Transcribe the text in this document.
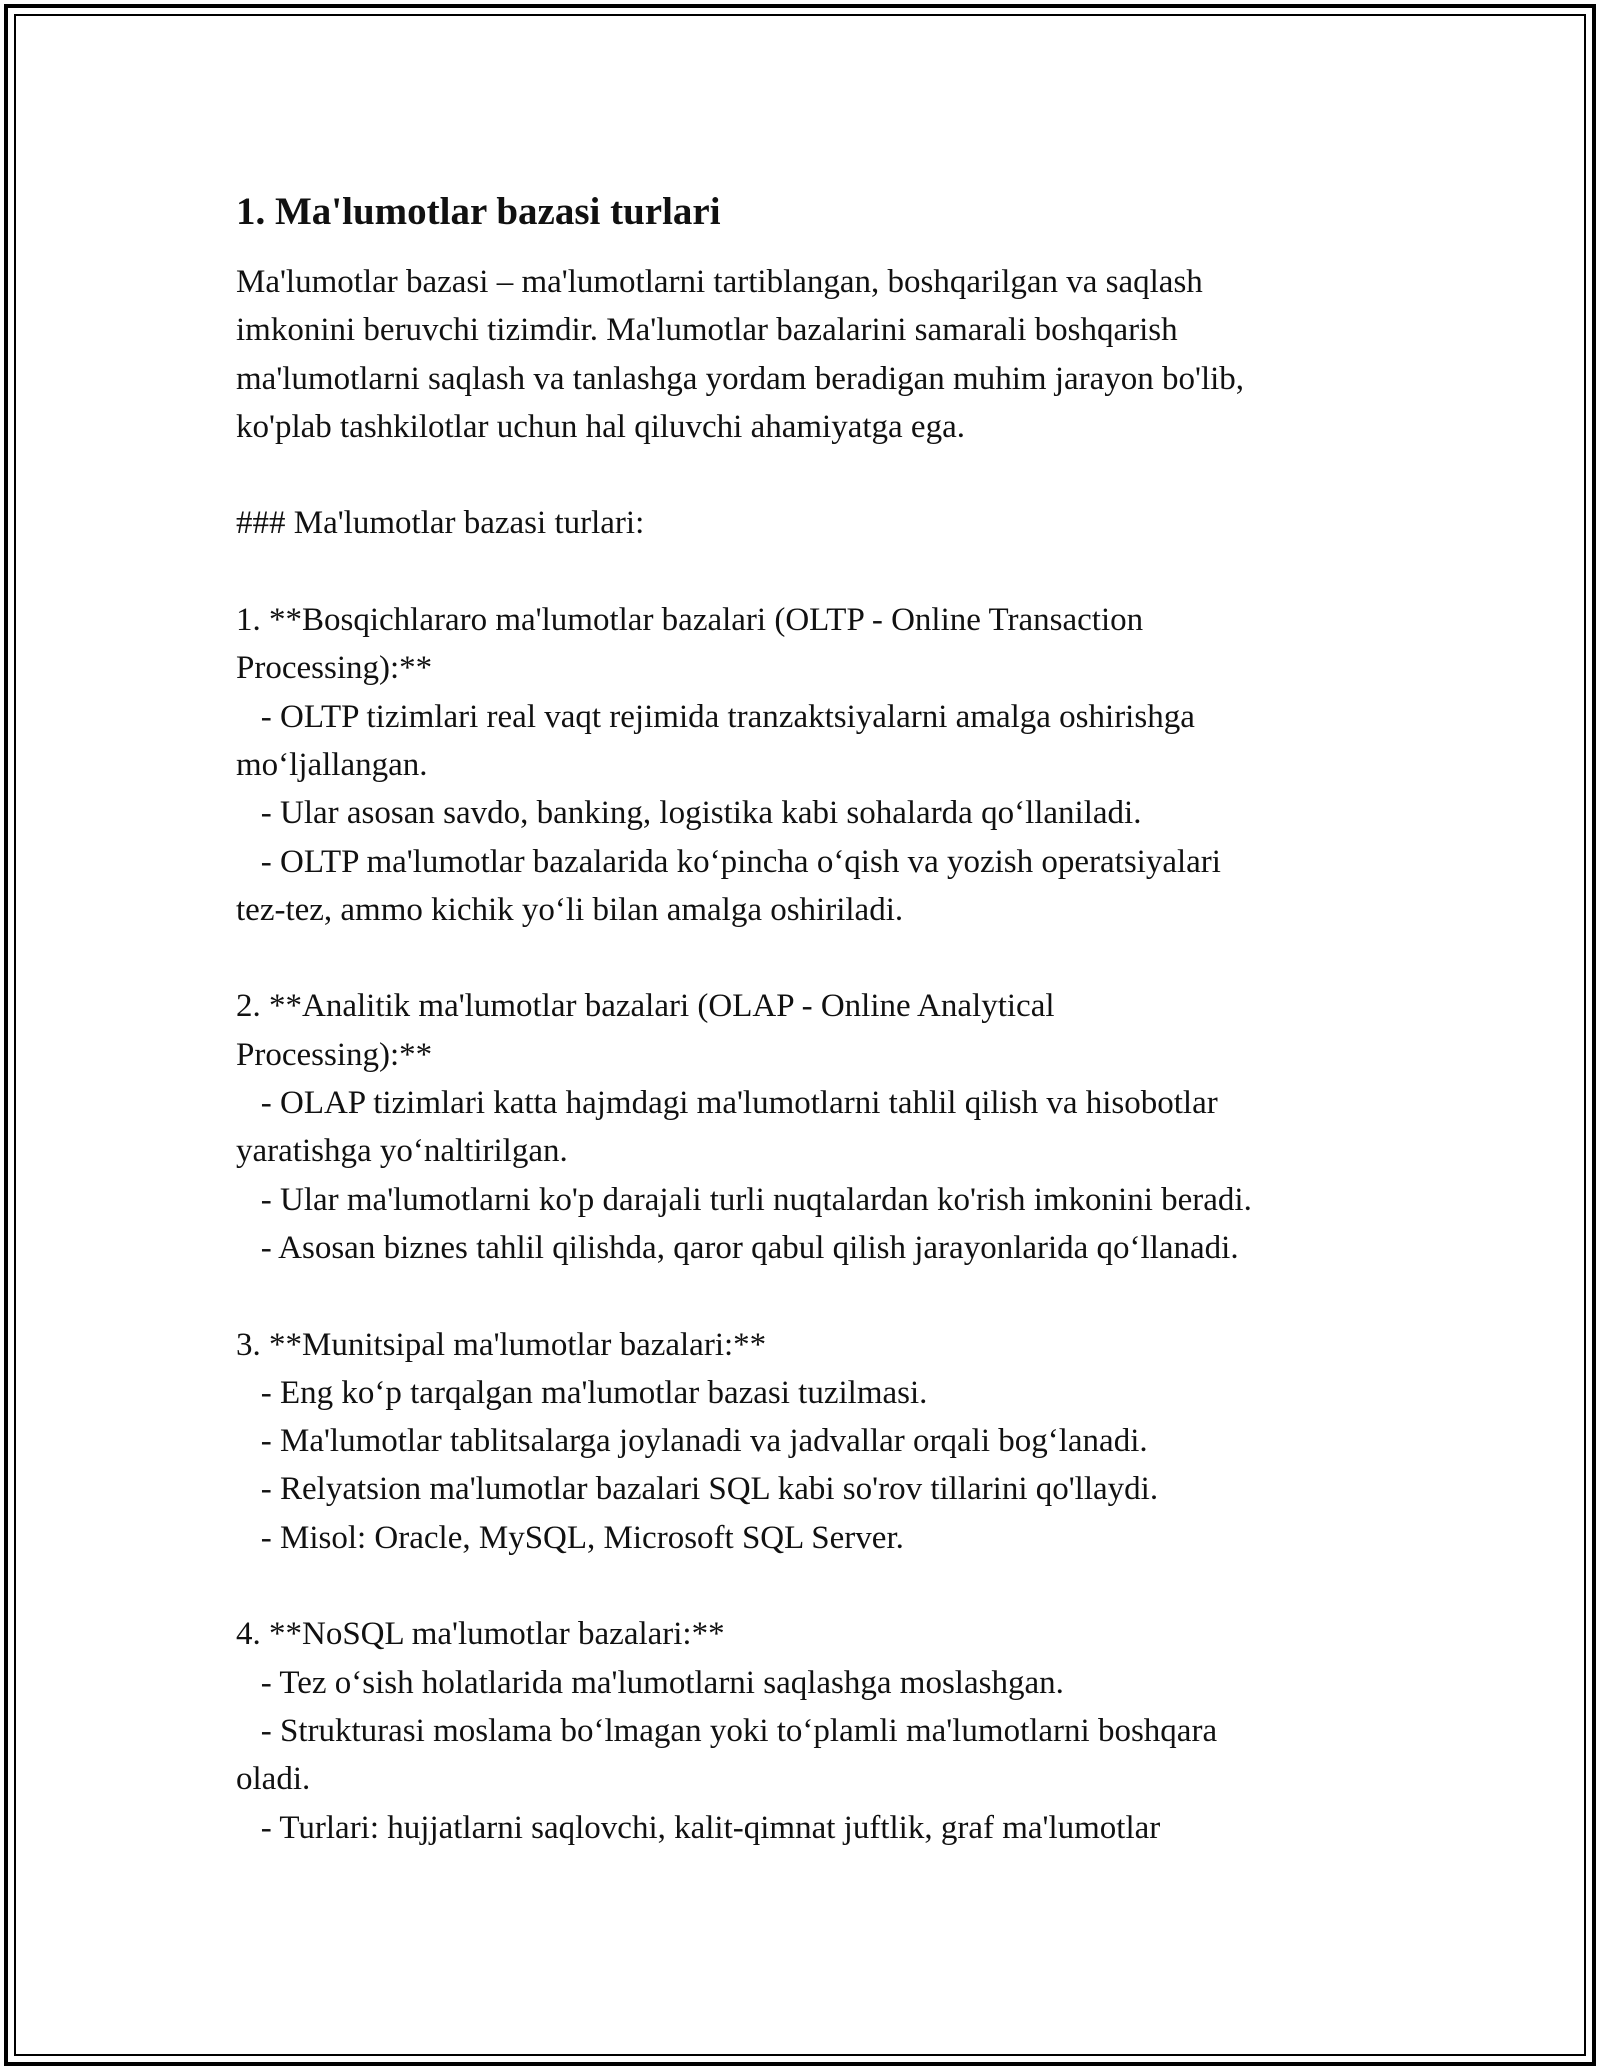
1. Ma'lumotlar bazasi turlari
Ma'lumotlar bazasi – ma'lumotlarni tartiblangan, boshqarilgan va saqlash
imkonini beruvchi tizimdir. Ma'lumotlar bazalarini samarali boshqarish
ma'lumotlarni saqlash va tanlashga yordam beradigan muhim jarayon bo'lib,
ko'plab tashkilotlar uchun hal qiluvchi ahamiyatga ega.
### Ma'lumotlar bazasi turlari:
1. **Bosqichlararo ma'lumotlar bazalari (OLTP - Online Transaction
Processing):**
- OLTP tizimlari real vaqt rejimida tranzaktsiyalarni amalga oshirishga
mo‘ljallangan.
- Ular asosan savdo, banking, logistika kabi sohalarda qo‘llaniladi.
- OLTP ma'lumotlar bazalarida ko‘pincha o‘qish va yozish operatsiyalari
tez-tez, ammo kichik yo‘li bilan amalga oshiriladi.
2. **Analitik ma'lumotlar bazalari (OLAP - Online Analytical
Processing):**
- OLAP tizimlari katta hajmdagi ma'lumotlarni tahlil qilish va hisobotlar
yaratishga yo‘naltirilgan.
- Ular ma'lumotlarni ko'p darajali turli nuqtalardan ko'rish imkonini beradi.
- Asosan biznes tahlil qilishda, qaror qabul qilish jarayonlarida qo‘llanadi.
3. **Munitsipal ma'lumotlar bazalari:**
- Eng ko‘p tarqalgan ma'lumotlar bazasi tuzilmasi.
- Ma'lumotlar tablitsalarga joylanadi va jadvallar orqali bog‘lanadi.
- Relyatsion ma'lumotlar bazalari SQL kabi so'rov tillarini qo'llaydi.
- Misol: Oracle, MySQL, Microsoft SQL Server.
4. **NoSQL ma'lumotlar bazalari:**
- Tez o‘sish holatlarida ma'lumotlarni saqlashga moslashgan.
- Strukturasi moslama bo‘lmagan yoki to‘plamli ma'lumotlarni boshqara
oladi.
- Turlari: hujjatlarni saqlovchi, kalit-qimnat juftlik, graf ma'lumotlar
